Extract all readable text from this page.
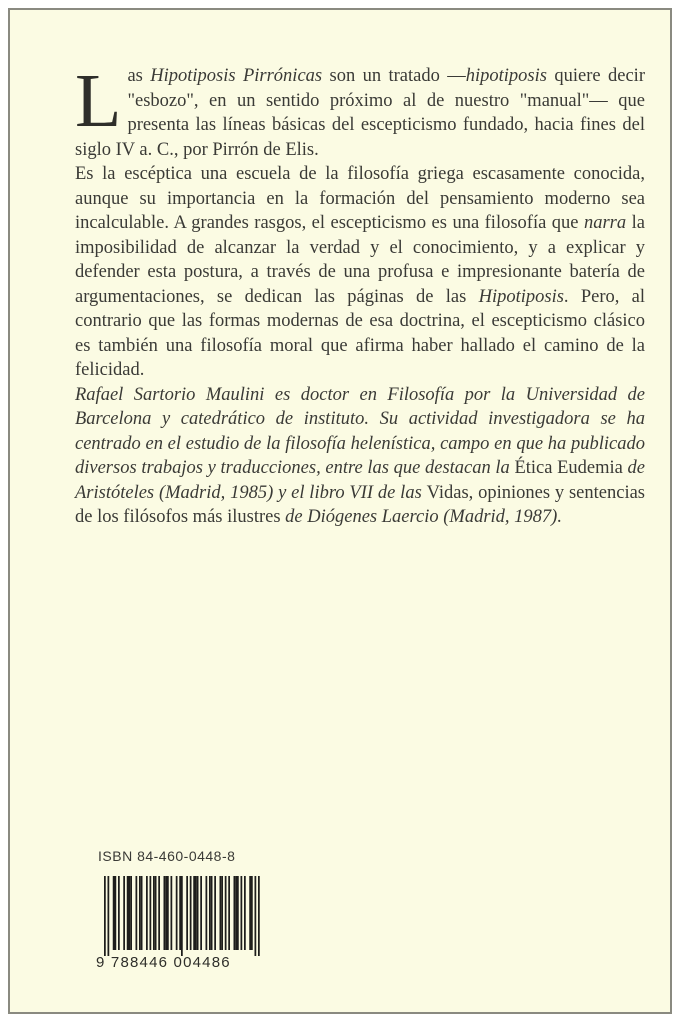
Las Hipotiposis Pirrónicas son un tratado —hipotiposis quiere decir "esbozo", en un sentido próximo al de nuestro "manual"— que presenta las líneas básicas del escepticismo fundado, hacia fines del siglo IV a. C., por Pirrón de Elis.

Es la escéptica una escuela de la filosofía griega escasamente conocida, aunque su importancia en la formación del pensamiento moderno sea incalculable. A grandes rasgos, el escepticismo es una filosofía que narra la imposibilidad de alcanzar la verdad y el conocimiento, y a explicar y defender esta postura, a través de una profusa e impresionante batería de argumentaciones, se dedican las páginas de las Hipotiposis. Pero, al contrario que las formas modernas de esa doctrina, el escepticismo clásico es también una filosofía moral que afirma haber hallado el camino de la felicidad.

Rafael Sartorio Maulini es doctor en Filosofía por la Universidad de Barcelona y catedrático de instituto. Su actividad investigadora se ha centrado en el estudio de la filosofía helenística, campo en que ha publicado diversos trabajos y traducciones, entre las que destacan la Ética Eudemia de Aristóteles (Madrid, 1985) y el libro VII de las Vidas, opiniones y sentencias de los filósofos más ilustres de Diógenes Laercio (Madrid, 1987).

ISBN 84-460-0448-8
9 788446 004486
